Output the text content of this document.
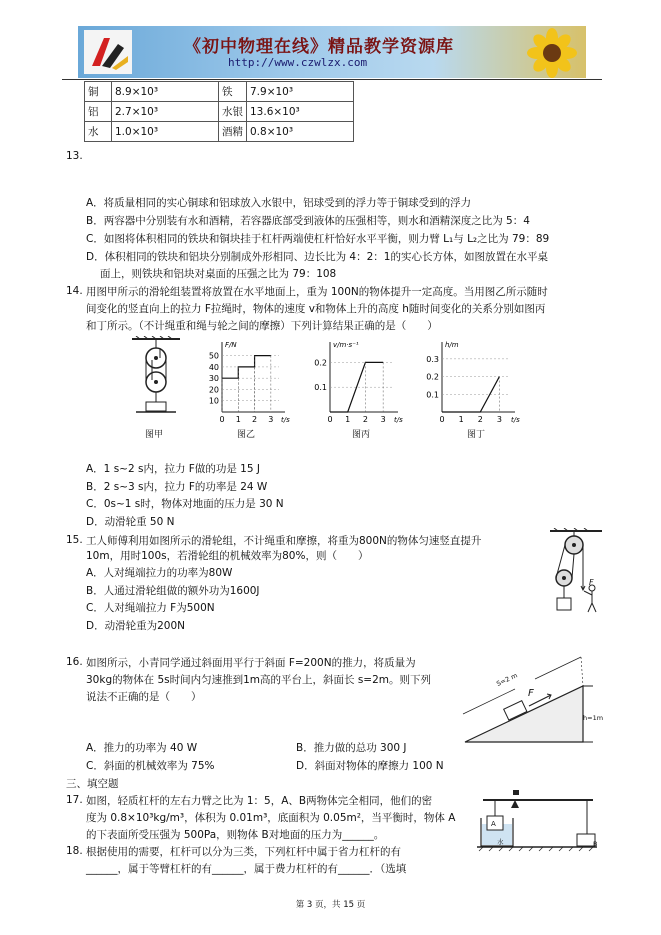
《初中物理在线》精品教学资源库
http://www.czwlzx.com
铜	8.9×10³	铁	7.9×10³
铝	2.7×10³	水银	13.6×10³
水	1.0×10³	酒精	0.8×10³
13.
A．将质量相同的实心铜球和铝球放入水银中，铝球受到的浮力等于铜球受到的浮力
B．两容器中分别装有水和酒精，若容器底部受到液体的压强相等，则水和酒精深度之比为 5：4
C．如图将体积相同的铁块和铜块挂于杠杆两端使杠杆恰好水平平衡，则力臂 L₁与 L₂之比为 79：89
D．体积相同的铁块和铝块分别制成外形相同、边长比为 4：2：1的实心长方体，如图放置在水平桌
面上，则铁块和铝块对桌面的压强之比为 79：108
14. 用图甲所示的滑轮组装置将放置在水平地面上，重为 100N的物体提升一定高度。当用图乙所示随时
间变化的竖直向上的拉力 F拉绳时，物体的速度 v和物体上升的高度 h随时间变化的关系分别如图丙
和丁所示。（不计绳重和绳与轮之间的摩擦）下列计算结果正确的是（　　）
图甲
10
20
30
40
50
0 1 2 3 t/s
F/N
图乙
0.1
0.2
0 1 2 3 t/s
v/m·s⁻¹
图丙
0.1
0.2
0.3
0 1 2 3 t/s
h/m
图丁
A．1 s~2 s内，拉力 F做的功是 15 J
B．2 s~3 s内，拉力 F的功率是 24 W
C．0s~1 s时，物体对地面的压力是 30 N
D．动滑轮重 50 N
15. 工人师傅利用如图所示的滑轮组，不计绳重和摩擦，将重为800N的物体匀速竖直提升
10m，用时100s，若滑轮组的机械效率为80%，则（　　）
A．人对绳端拉力的功率为80W
B．人通过滑轮组做的额外功为1600J
C．人对绳端拉力 F为500N
D．动滑轮重为200N
F
16. 如图所示，小青同学通过斜面用平行于斜面 F=200N的推力，将质量为
30kg的物体在 5s时间内匀速推到1m高的平台上，斜面长 s=2m。则下列
说法不正确的是（　　）
S=2 m
F
h=1m
A．推力的功率为 40 W	B．推力做的总功 300 J
C．斜面的机械效率为 75%	D．斜面对物体的摩擦力 100 N
三、填空题
17. 如图，轻质杠杆的左右力臂之比为 1：5，A、B两物体完全相同，他们的密
度为 0.8×10³kg/m³，体积为 0.01m³，底面积为 0.05m²，当平衡时，物体 A
的下表面所受压强为 500Pa，则物体 B对地面的压力为______。
A
水	B
18. 根据使用的需要，杠杆可以分为三类，下列杠杆中属于省力杠杆的有
______，属于等臂杠杆的有______，属于费力杠杆的有______．（选填
第 3 页，共 15 页
